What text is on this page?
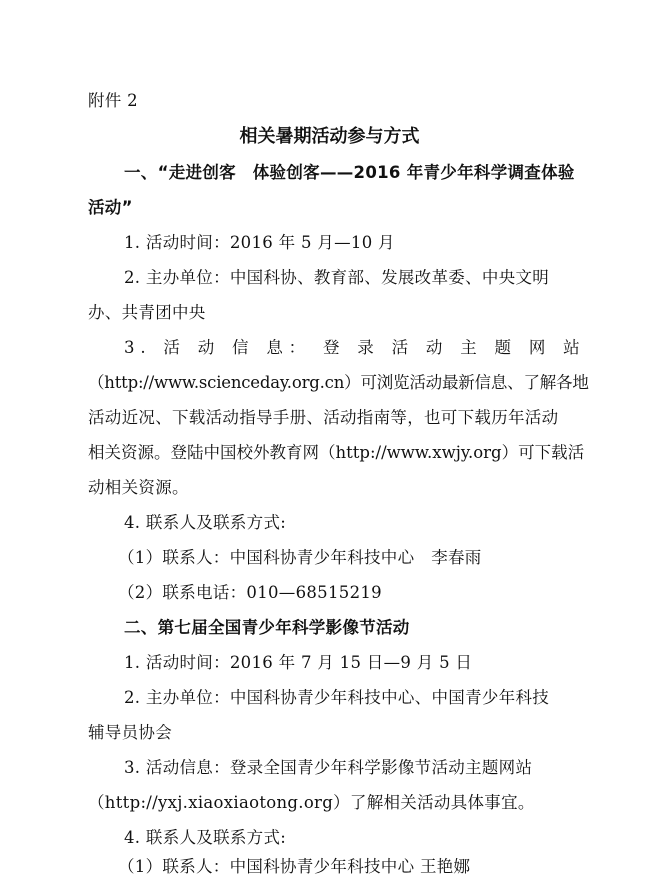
附件 2
相关暑期活动参与方式
一、“走进创客　体验创客——2016 年青少年科学调查体验
活动”
1. 活动时间：2016 年 5 月—10 月
2. 主办单位：中国科协、教育部、发展改革委、中央文明
办、共青团中央
3 . 活 动 信 息 ： 登 录 活 动 主 题 网 站
（http://www.scienceday.org.cn）可浏览活动最新信息、了解各地
活动近况、下载活动指导手册、活动指南等，也可下载历年活动
相关资源。登陆中国校外教育网（http://www.xwjy.org）可下载活
动相关资源。
4. 联系人及联系方式:
（1）联系人：中国科协青少年科技中心　李春雨
（2）联系电话：010—68515219
二、第七届全国青少年科学影像节活动
1. 活动时间：2016 年 7 月 15 日—9 月 5 日
2. 主办单位：中国科协青少年科技中心、中国青少年科技
辅导员协会
3. 活动信息：登录全国青少年科学影像节活动主题网站
（http://yxj.xiaoxiaotong.org）了解相关活动具体事宜。
4. 联系人及联系方式:
（1）联系人：中国科协青少年科技中心 王艳娜
